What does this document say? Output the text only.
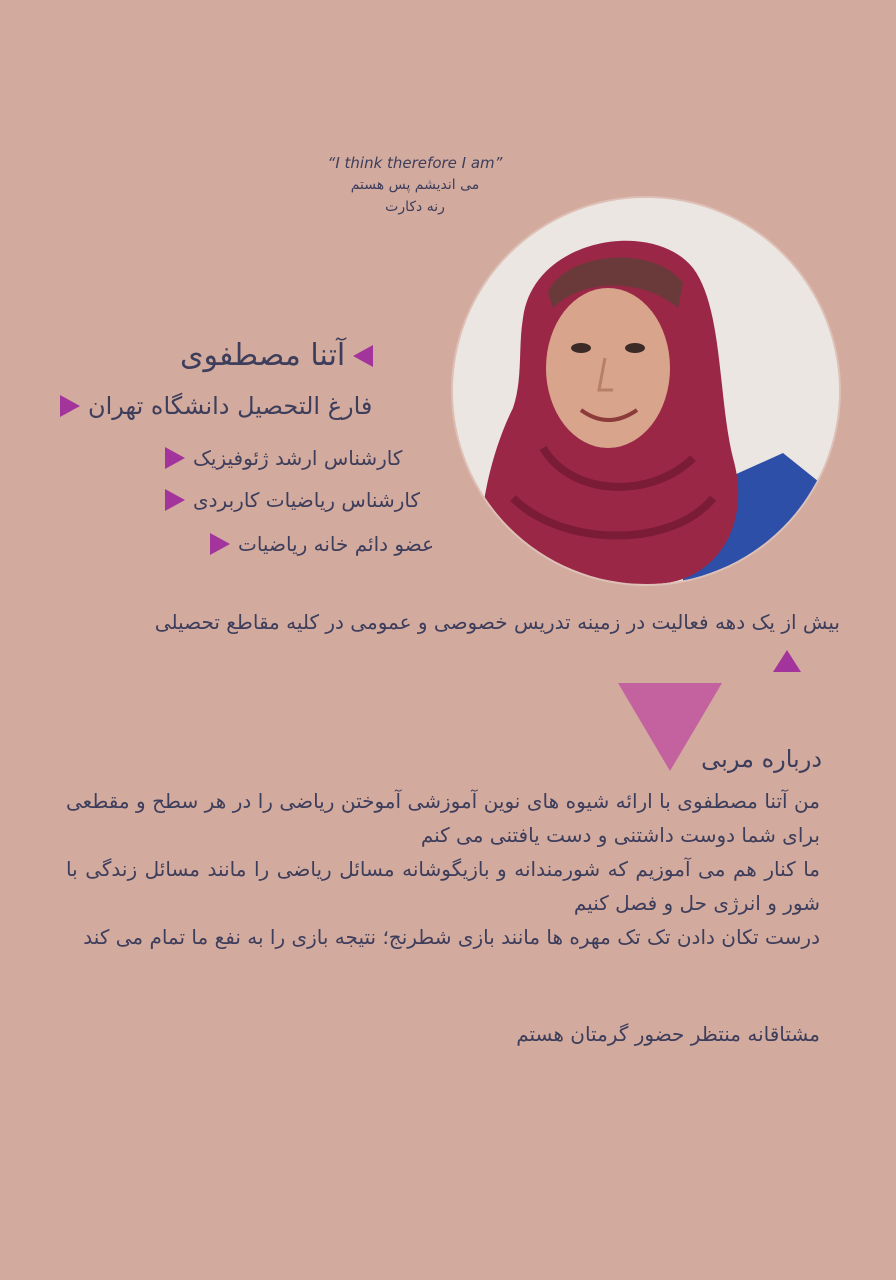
“I think therefore I am”
می اندیشم پس هستم
رنه دکارت
آتنا مصطفوی
فارغ التحصیل دانشگاه تهران
کارشناس ارشد ژئوفیزیک
کارشناس ریاضیات کاربردی
عضو دائم خانه ریاضیات
بیش از یک دهه فعالیت در زمینه تدریس خصوصی و عمومی در کلیه مقاطع تحصیلی
درباره مربی

من آتنا مصطفوی با ارائه شیوه های نوین آموزشی آموختن ریاضی را در هر سطح و مقطعی برای شما دوست داشتنی و دست یافتنی می کنم

ما کنار هم می آموزیم که شورمندانه و بازیگوشانه مسائل ریاضی را مانند مسائل زندگی با شور و انرژی حل و فصل کنیم

درست تکان دادن تک تک مهره ها مانند بازی شطرنج؛ نتیجه بازی را به نفع ما تمام می کند

مشتاقانه منتظر حضور گرمتان هستم
